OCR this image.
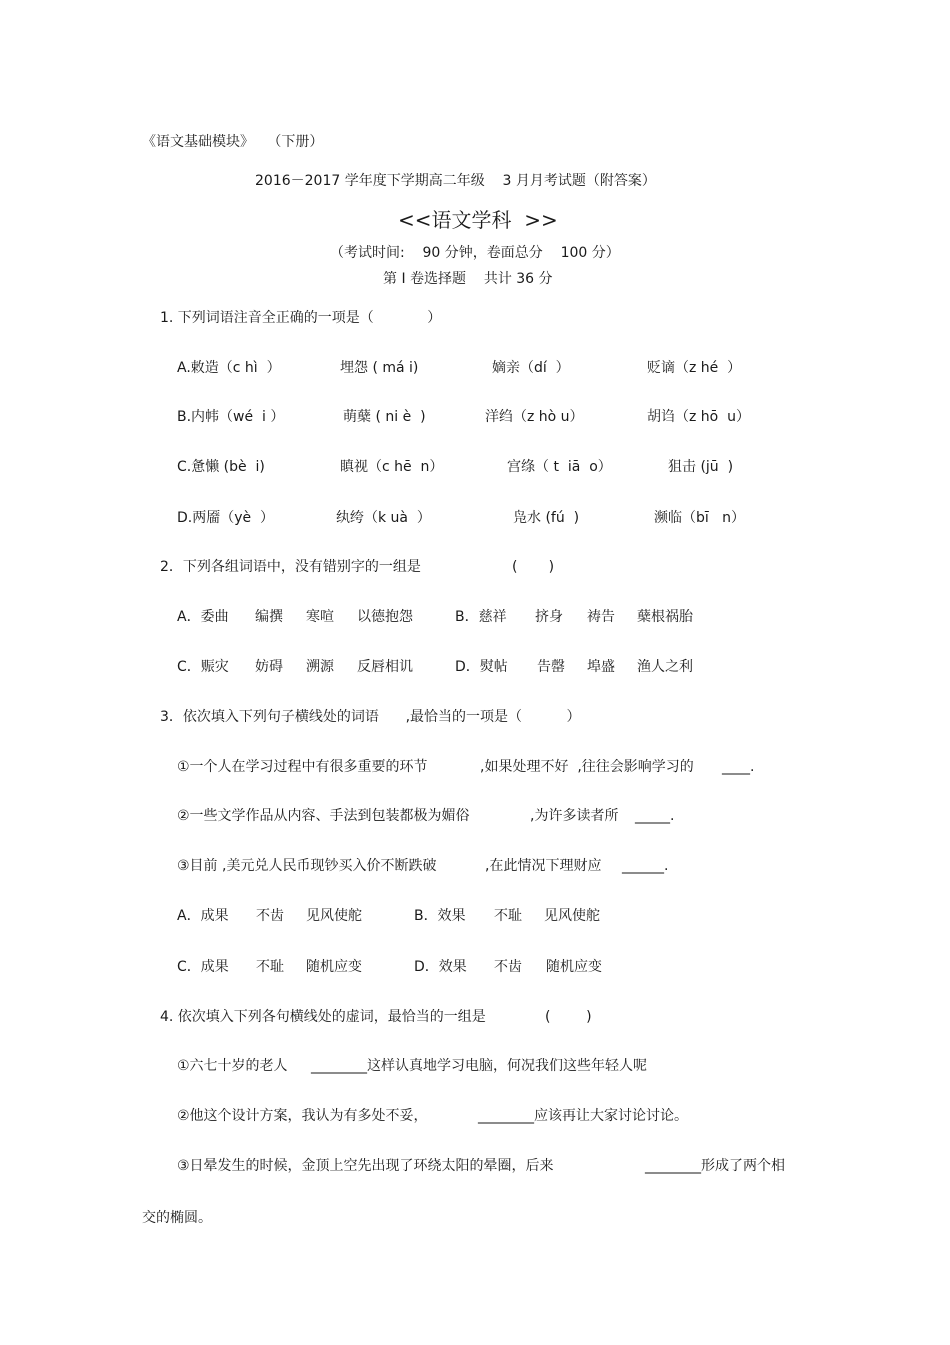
《语文基础模块》   （下册）
2016－2017 学年度下学期高二年级    3 月月考试题（附答案）
<<语文学科  >>
（考试时间:    90 分钟，卷面总分    100 分）
第 I 卷选择题    共计 36 分
1. 下列词语注音全正确的一项是（            ）
A.敕造（c hì  ）	埋怨 ( má i)	嫡亲（dí  ）	贬谪（z hé  ）
B.内帏（wé  i ）	萌蘖 ( ni è  )	洋绉（z hò u）	胡诌（z hō  u）
C.惫懒 (bè  i)	瞋视（c hē  n）	宫绦（ t  iā  o）	狙击 (jū  )
D.两靥（yè  ）	纨绔（k uà  ）	凫水 (fú  )	濒临（bī   n）
2．下列各组词语中，没有错别字的一组是	(       )
A．委曲 编撰 寒喧 以德抱怨	B．慈祥 挤身 祷告 蘖根祸胎
C．赈灾 妨碍 溯源 反唇相讥	D．熨帖 告罄 埠盛 渔人之利
3．依次填入下列句子横线处的词语      ,最恰当的一项是（          ）
①一个人在学习过程中有很多重要的环节	,如果处理不好  ,往往会影响学习的 ____.
②一些文学作品从内容、手法到包装都极为媚俗	,为许多读者所 _____.
③目前 ,美元兑人民币现钞买入价不断跌破	,在此情况下理财应 ______.
A．成果 不齿 见风使舵	B．效果 不耻 见风使舵
C．成果 不耻 随机应变	D．效果 不齿 随机应变
4. 依次填入下列各句横线处的虚词，最恰当的一组是	(        )
①六七十岁的老人 ________这样认真地学习电脑，何况我们这些年轻人呢
②他这个设计方案，我认为有多处不妥，	________应该再让大家讨论讨论。
③日晕发生的时候，金顶上空先出现了环绕太阳的晕圈，后来	________形成了两个相
交的椭圆。
